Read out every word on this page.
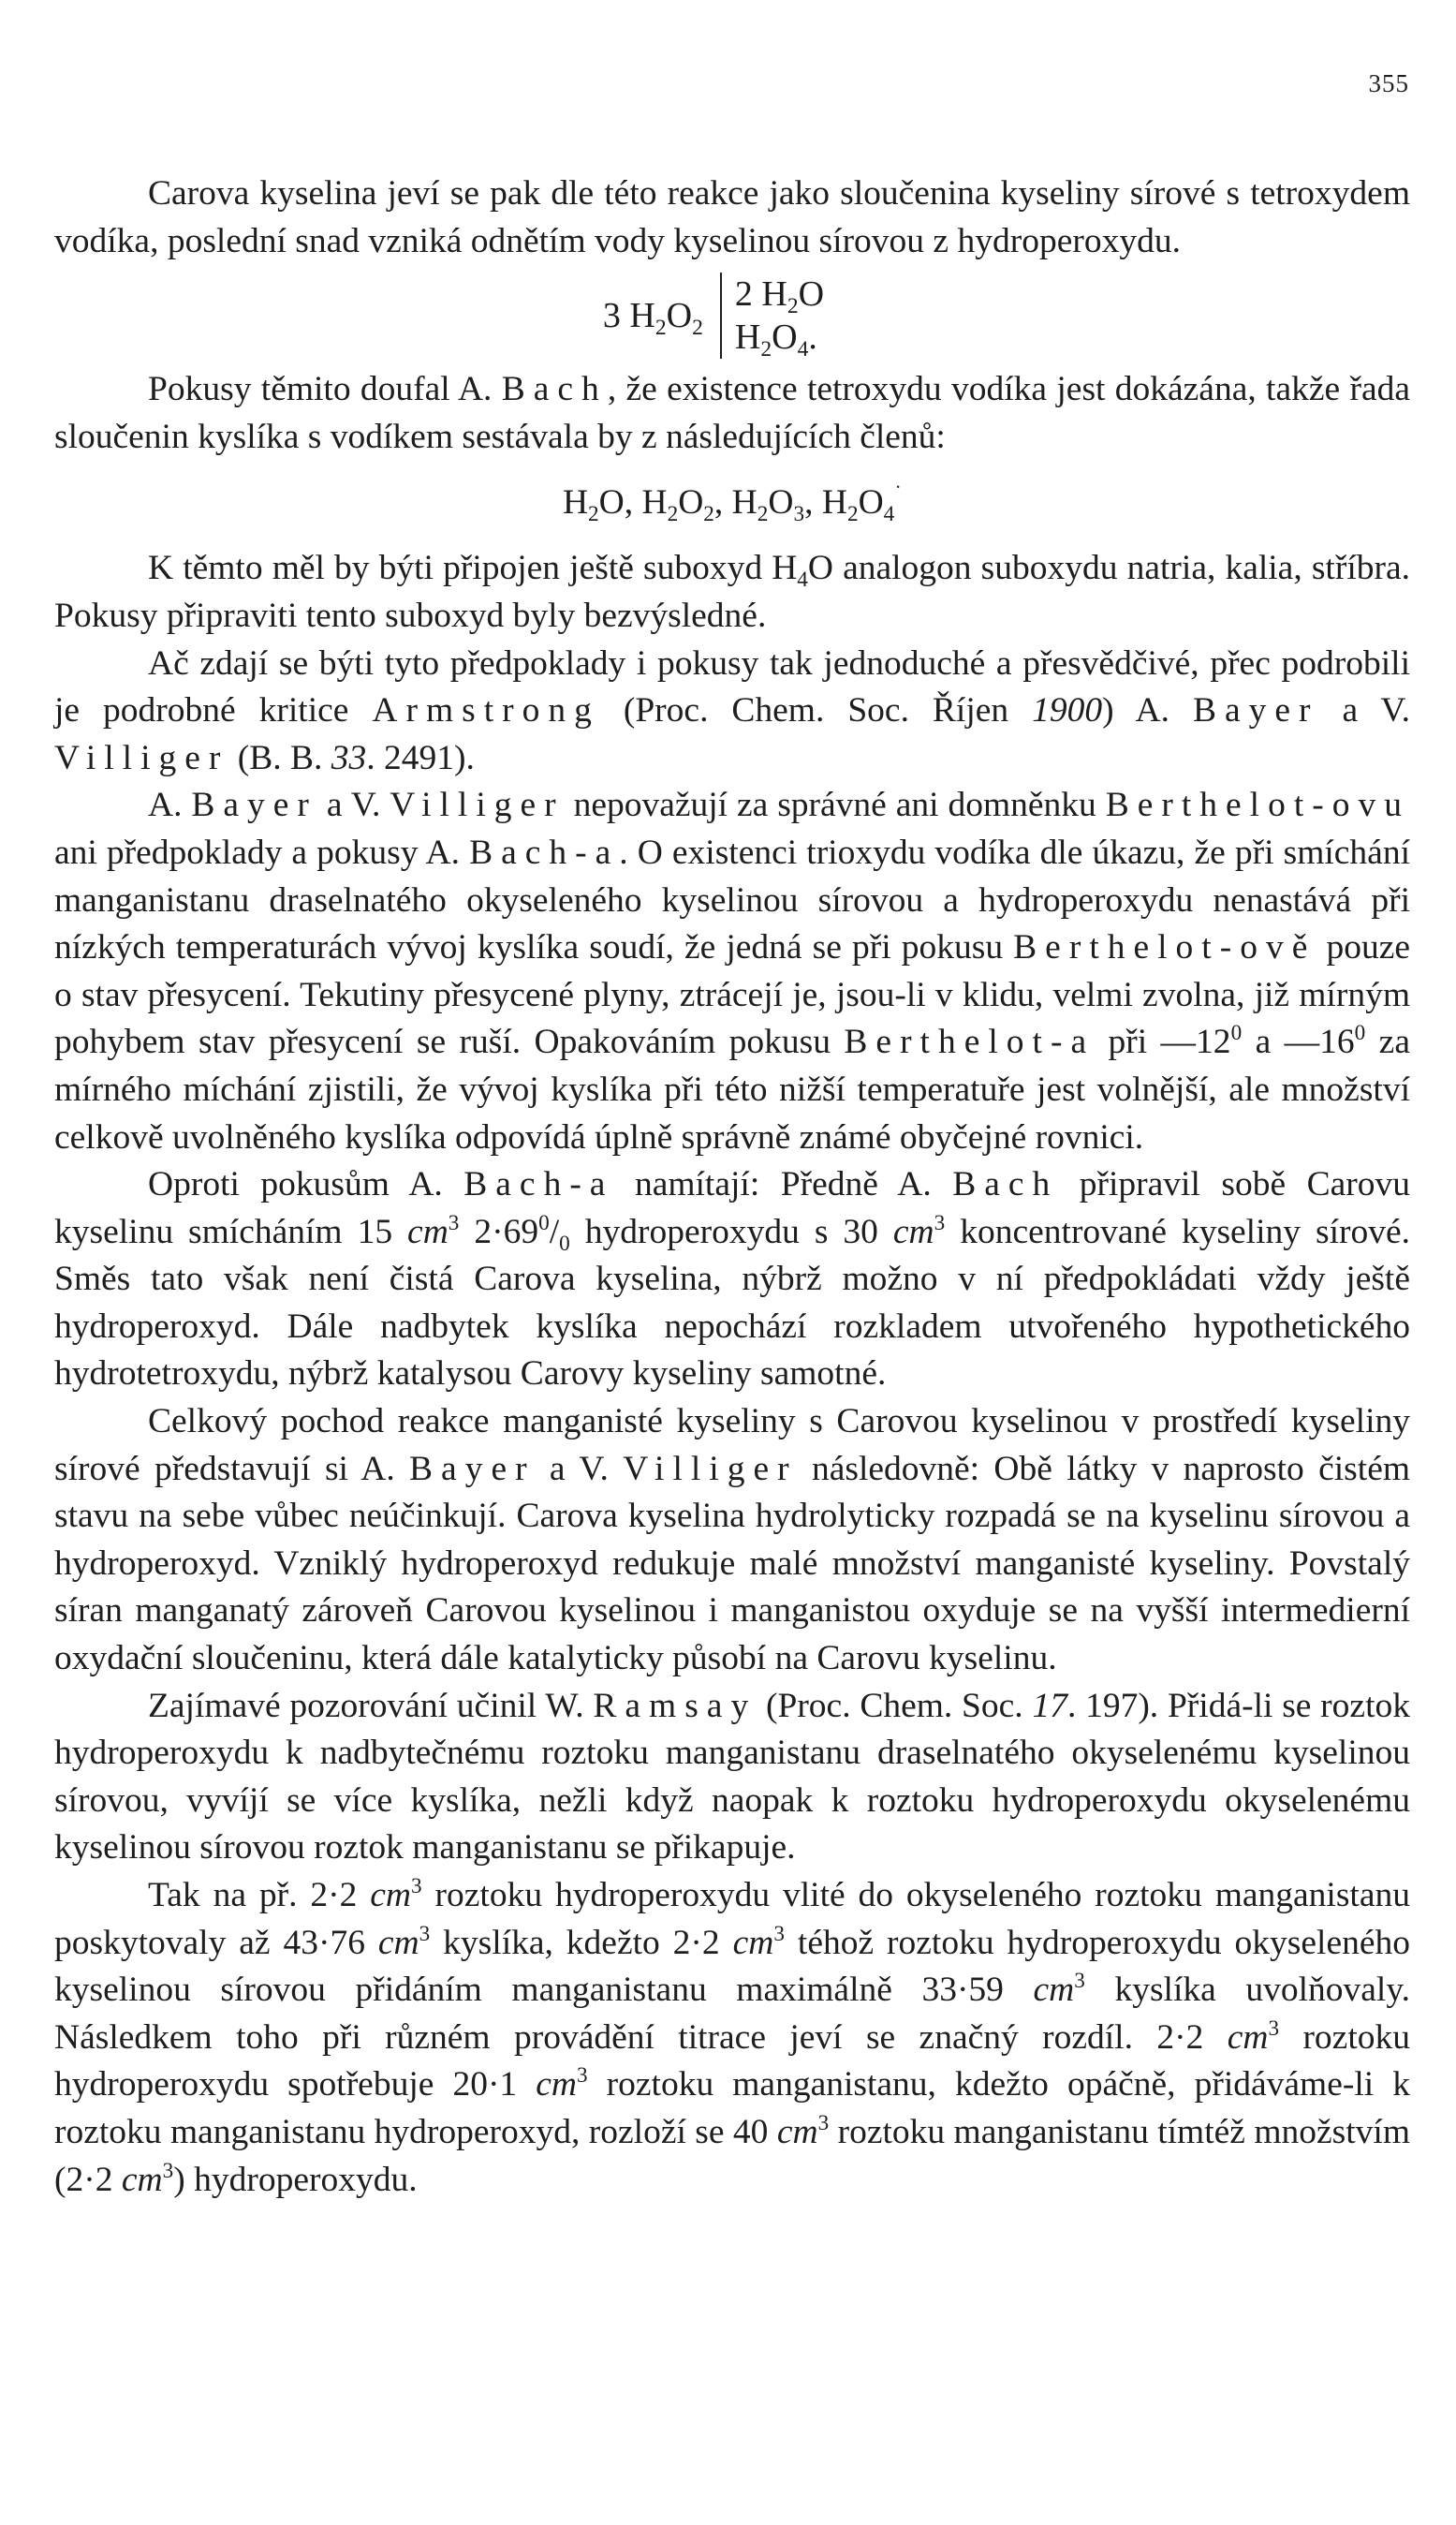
355

Carova kyselina jeví se pak dle této reakce jako sloučenina kyseliny sírové s tetroxydem vodíka, poslední snad vzniká odnětím vody kyselinou sírovou z hydroperoxydu.

3 $H_2O_2$
2 $H_2O$
$H_2O_4$.

Pokusy těmito doufal A. Bach, že existence tetroxydu vodíka jest dokázána, takže řada sloučenin kyslíka s vodíkem sestávala by z následujících členů:

$H_2O$, $H_2O_2$, $H_2O_3$, $H_2O_4^˙$

K těmto měl by býti připojen ještě suboxyd $H_4O$ analogon suboxydu natria, kalia, stříbra. Pokusy připraviti tento suboxyd byly bezvýsledné.

Ač zdají se býti tyto předpoklady i pokusy tak jednoduché a přesvědčivé, přec podrobili je podrobné kritice Armstrong (Proc. Chem. Soc. Říjen 1900) A. Bayer a V. Villiger (B. B. 33. 2491).

A. Bayer a V. Villiger nepovažují za správné ani domněnku Berthelot-ovu ani předpoklady a pokusy A. Bach-a. O existenci trioxydu vodíka dle úkazu, že při smíchání manganistanu draselnatého okyseleného kyselinou sírovou a hydroperoxydu nenastává při nízkých temperaturách vývoj kyslíka soudí, že jedná se při pokusu Berthelot-ově pouze o stav přesycení. Tekutiny přesycené plyny, ztrácejí je, jsou-li v klidu, velmi zvolna, již mírným pohybem stav přesycení se ruší. Opakováním pokusu Berthelot-a při $—12^0$ a $—16^0$ za mírného míchání zjistili, že vývoj kyslíka při této nižší temperatuře jest volnější, ale množství celkově uvolněného kyslíka odpovídá úplně správně známé obyčejné rovnici.

Oproti pokusům A. Bach-a namítají: Předně A. Bach připravil sobě Carovu kyselinu smícháním 15 $cm^3$ $2\cdot 69^0/_0$ hydroperoxydu s 30 $cm^3$ koncentrované kyseliny sírové. Směs tato však není čistá Carova kyselina, nýbrž možno v ní předpokládati vždy ještě hydroperoxyd. Dále nadbytek kyslíka nepochází rozkladem utvořeného hypothetického hydrotetroxydu, nýbrž katalysou Carovy kyseliny samotné.

Celkový pochod reakce manganisté kyseliny s Carovou kyselinou v prostředí kyseliny sírové představují si A. Bayer a V. Villiger následovně: Obě látky v naprosto čistém stavu na sebe vůbec neúčinkují. Carova kyselina hydrolyticky rozpadá se na kyselinu sírovou a hydroperoxyd. Vzniklý hydroperoxyd redukuje malé množství manganisté kyseliny. Povstalý síran manganatý zároveň Carovou kyselinou i manganistou oxyduje se na vyšší intermedierní oxydační sloučeninu, která dále katalyticky působí na Carovu kyselinu.

Zajímavé pozorování učinil W. Ramsay (Proc. Chem. Soc. 17. 197). Přidá-li se roztok hydroperoxydu k nadbytečnému roztoku manganistanu draselnatého okyselenému kyselinou sírovou, vyvíjí se více kyslíka, nežli když naopak k roztoku hydroperoxydu okyselenému kyselinou sírovou roztok manganistanu se přikapuje.

Tak na př. 2·2 $cm^3$ roztoku hydroperoxydu vlité do okyseleného roztoku manganistanu poskytovaly až 43·76 $cm^3$ kyslíka, kdežto 2·2 $cm^3$ téhož roztoku hydroperoxydu okyseleného kyselinou sírovou přidáním manganistanu maximálně 33·59 $cm^3$ kyslíka uvolňovaly. Následkem toho při různém provádění titrace jeví se značný rozdíl. 2·2 $cm^3$ roztoku hydroperoxydu spotřebuje 20·1 $cm^3$ roztoku manganistanu, kdežto opáčně, přidáváme-li k roztoku manganistanu hydroperoxyd, rozloží se 40 $cm^3$ roztoku manganistanu tímtéž množstvím (2·2 $cm^3$) hydroperoxydu.
